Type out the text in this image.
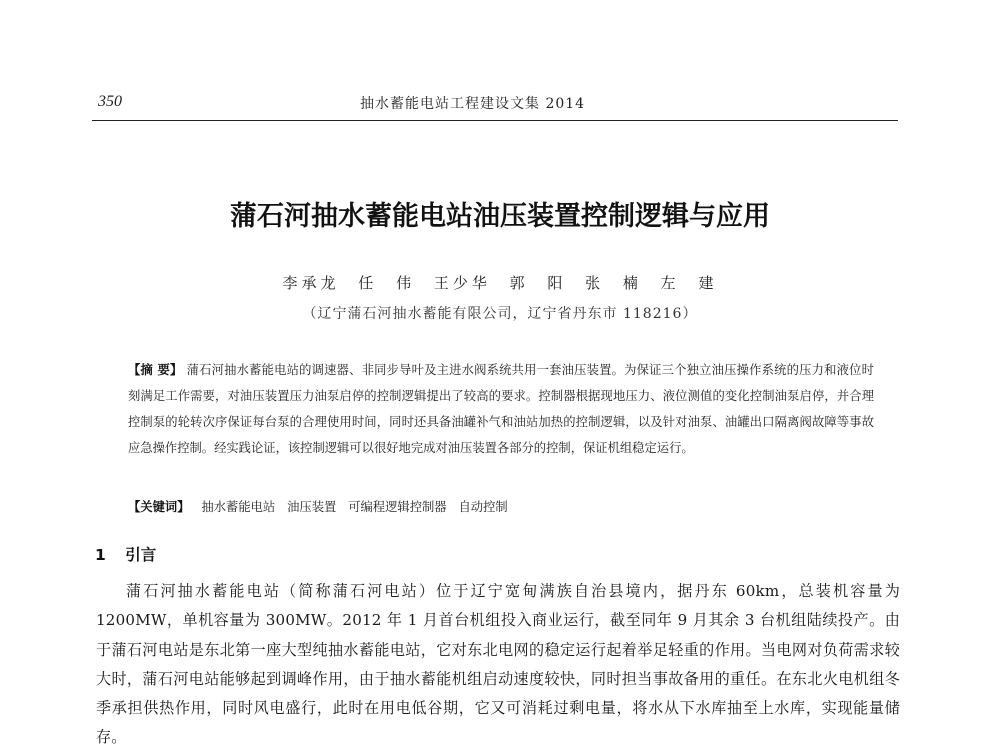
350	抽水蓄能电站工程建设文集 2014
蒲石河抽水蓄能电站油压装置控制逻辑与应用
李承龙 任 伟 王少华 郭 阳 张 楠 左 建
（辽宁蒲石河抽水蓄能有限公司，辽宁省丹东市 118216）
【摘 要】 蒲石河抽水蓄能电站的调速器、非同步导叶及主进水阀系统共用一套油压装置。为保证三个独立油压操作系统的压力和液位时刻满足工作需要，对油压装置压力油泵启停的控制逻辑提出了较高的要求。控制器根据现地压力、液位测值的变化控制油泵启停，并合理控制泵的轮转次序保证每台泵的合理使用时间，同时还具备油罐补气和油站加热的控制逻辑，以及针对油泵、油罐出口隔离阀故障等事故应急操作控制。经实践论证，该控制逻辑可以很好地完成对油压装置各部分的控制，保证机组稳定运行。
【关键词】 抽水蓄能电站 油压装置 可编程逻辑控制器 自动控制
1 引言
蒲石河抽水蓄能电站（简称蒲石河电站）位于辽宁宽甸满族自治县境内，据丹东 60km，总装机容量为 1200MW，单机容量为 300MW。2012 年 1 月首台机组投入商业运行，截至同年 9 月其余 3 台机组陆续投产。由于蒲石河电站是东北第一座大型纯抽水蓄能电站，它对东北电网的稳定运行起着举足轻重的作用。当电网对负荷需求较大时，蒲石河电站能够起到调峰作用，由于抽水蓄能机组启动速度较快，同时担当事故备用的重任。在东北火电机组冬季承担供热作用，同时风电盛行，此时在用电低谷期，它又可消耗过剩电量，将水从下水库抽至上水库，实现能量储存。
